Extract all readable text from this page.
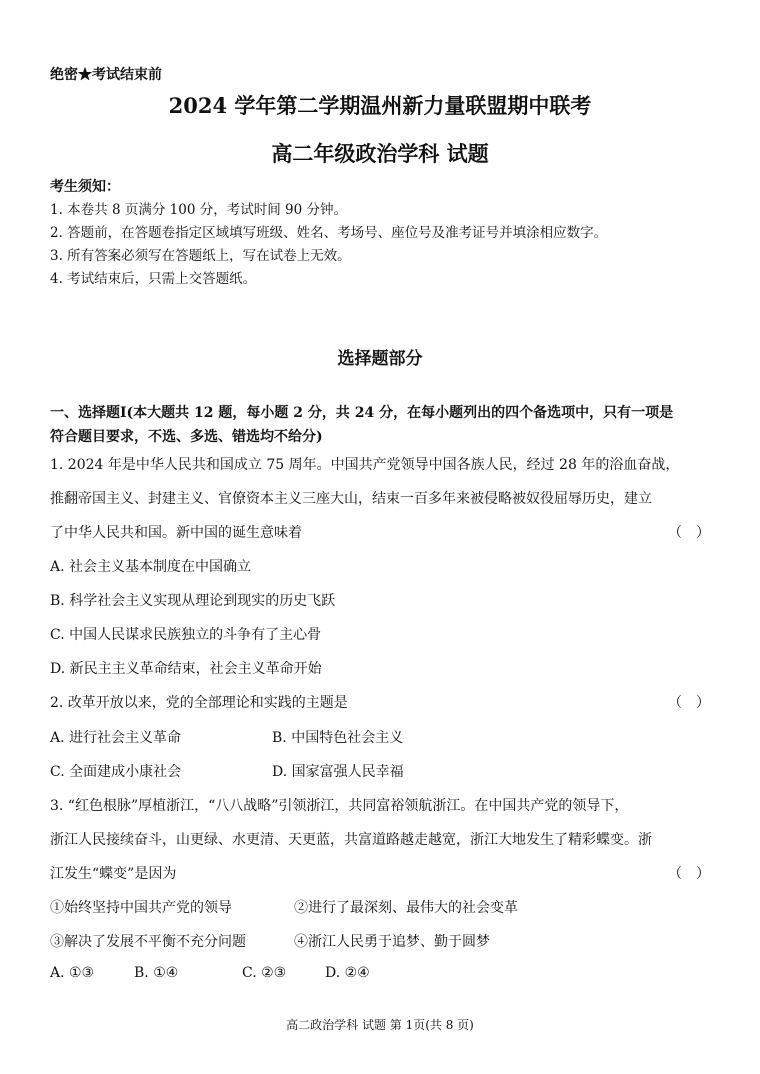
绝密★考试结束前
2024 学年第二学期温州新力量联盟期中联考
高二年级政治学科 试题
考生须知：
1. 本卷共 8 页满分 100 分，考试时间 90 分钟。
2. 答题前，在答题卷指定区域填写班级、姓名、考场号、座位号及准考证号并填涂相应数字。
3. 所有答案必须写在答题纸上，写在试卷上无效。
4. 考试结束后，只需上交答题纸。
选择题部分
一、选择题Ⅰ(本大题共 12 题，每小题 2 分，共 24 分，在每小题列出的四个备选项中，只有一项是
符合题目要求，不选、多选、错选均不给分)
1. 2024 年是中华人民共和国成立 75 周年。中国共产党领导中国各族人民，经过 28 年的浴血奋战，
推翻帝国主义、封建主义、官僚资本主义三座大山，结束一百多年来被侵略被奴役屈辱历史，建立
了中华人民共和国。新中国的诞生意味着	（　）
A. 社会主义基本制度在中国确立
B. 科学社会主义实现从理论到现实的历史飞跃
C. 中国人民谋求民族独立的斗争有了主心骨
D. 新民主主义革命结束，社会主义革命开始
2. 改革开放以来，党的全部理论和实践的主题是	（　）
A. 进行社会主义革命	B. 中国特色社会主义
C. 全面建成小康社会	D. 国家富强人民幸福
3. “红色根脉”厚植浙江，“八八战略”引领浙江，共同富裕领航浙江。在中国共产党的领导下，
浙江人民接续奋斗，山更绿、水更清、天更蓝，共富道路越走越宽，浙江大地发生了精彩蝶变。浙
江发生“蝶变”是因为	（　）
①始终坚持中国共产党的领导	②进行了最深刻、最伟大的社会变革
③解决了发展不平衡不充分问题	④浙江人民勇于追梦、勤于圆梦
A. ①③	B. ①④	C. ②③	D. ②④
高二政治学科 试题 第 1页(共 8 页)
